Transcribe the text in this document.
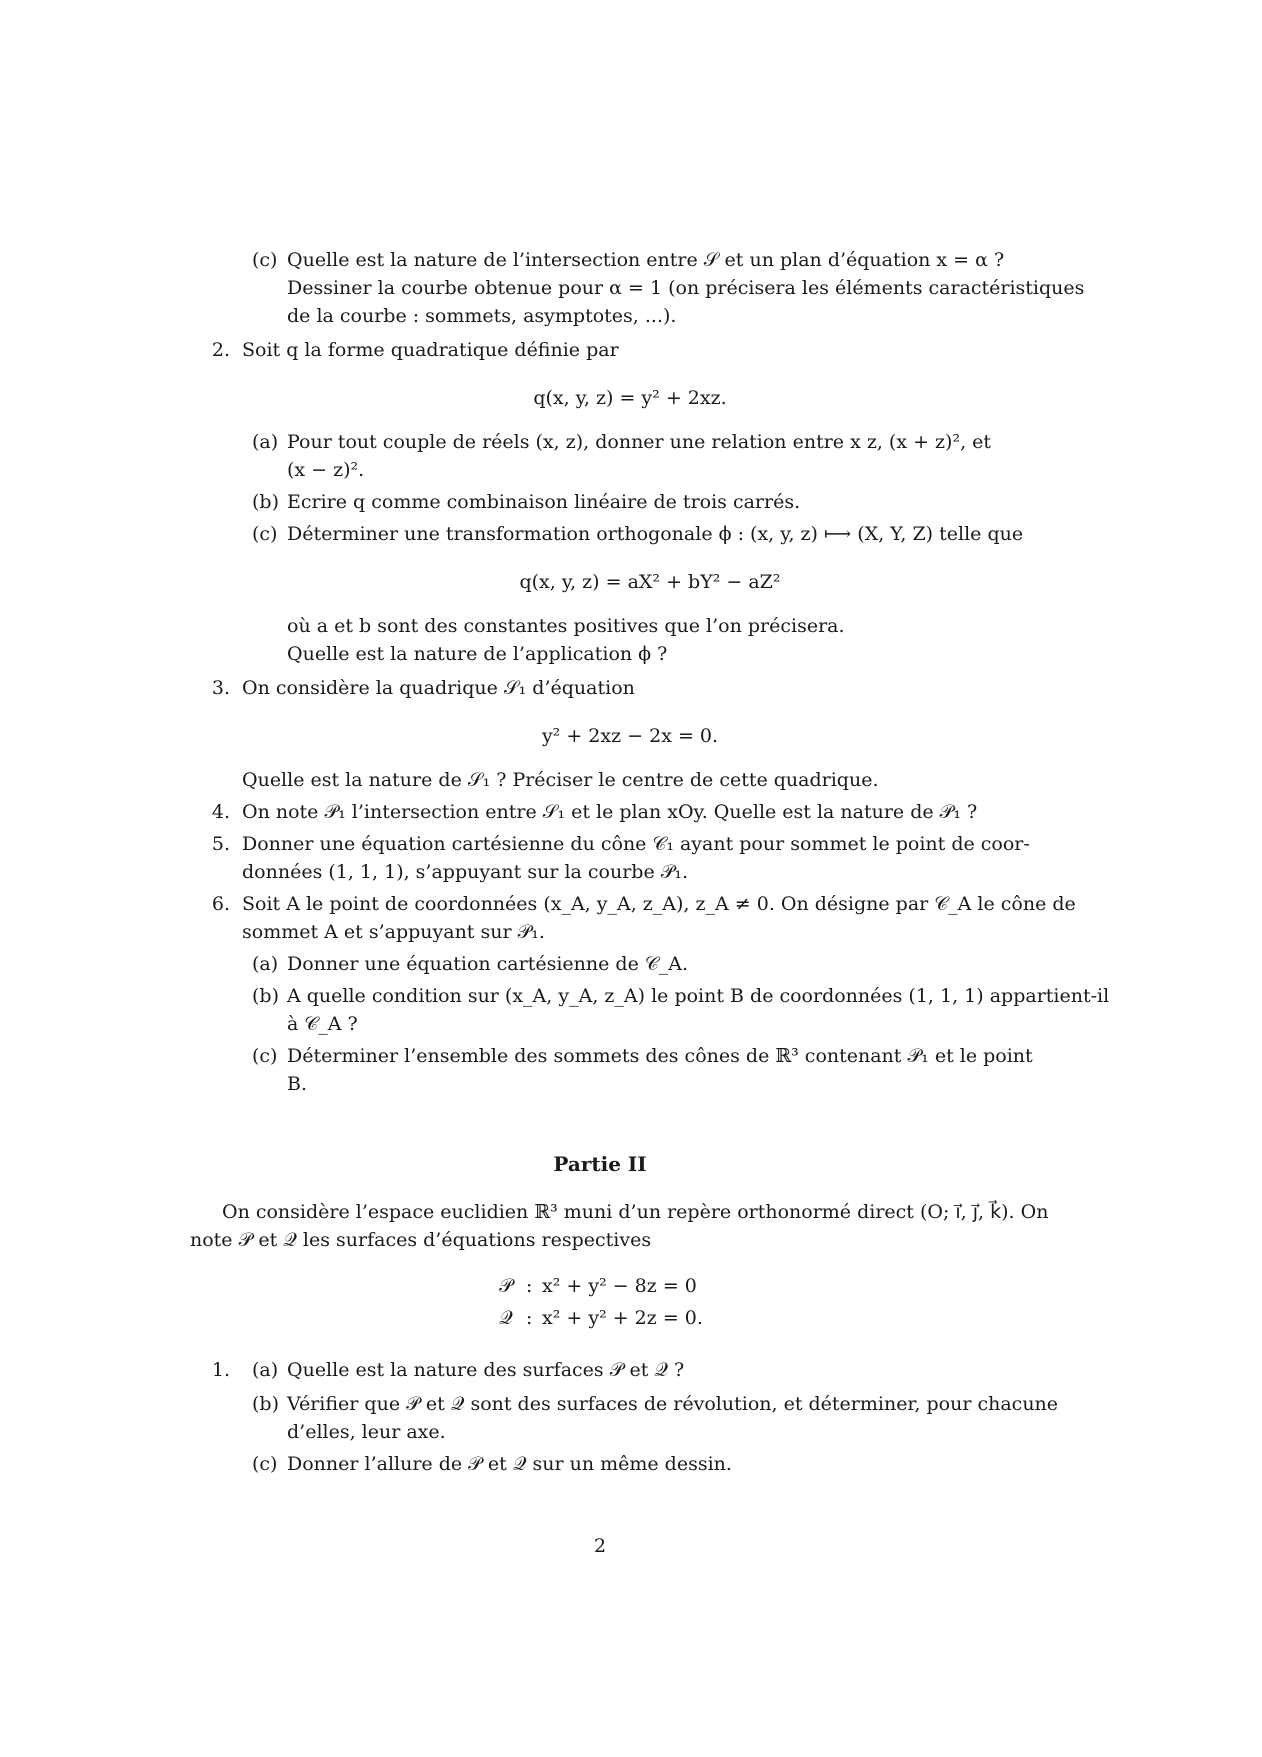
(c) Quelle est la nature de l’intersection entre 𝒮 et un plan d’équation x = α ?
Dessiner la courbe obtenue pour α = 1 (on précisera les éléments caractéristiques
de la courbe : sommets, asymptotes, ...).
2. Soit q la forme quadratique définie par
q(x, y, z) = y² + 2xz.
(a) Pour tout couple de réels (x, z), donner une relation entre x z, (x + z)², et
(x − z)².
(b) Ecrire q comme combinaison linéaire de trois carrés.
(c) Déterminer une transformation orthogonale ϕ : (x, y, z) ⟼ (X, Y, Z) telle que
q(x, y, z) = aX² + bY² − aZ²
où a et b sont des constantes positives que l’on précisera.
Quelle est la nature de l’application ϕ ?
3. On considère la quadrique 𝒮₁ d’équation
y² + 2xz − 2x = 0.
Quelle est la nature de 𝒮₁ ? Préciser le centre de cette quadrique.
4. On note 𝒫₁ l’intersection entre 𝒮₁ et le plan xOy. Quelle est la nature de 𝒫₁ ?
5. Donner une équation cartésienne du cône 𝒞₁ ayant pour sommet le point de coor-
données (1, 1, 1), s’appuyant sur la courbe 𝒫₁.
6. Soit A le point de coordonnées (x_A, y_A, z_A), z_A ≠ 0. On désigne par 𝒞_A le cône de
sommet A et s’appuyant sur 𝒫₁.
(a) Donner une équation cartésienne de 𝒞_A.
(b) A quelle condition sur (x_A, y_A, z_A) le point B de coordonnées (1, 1, 1) appartient-il
à 𝒞_A ?
(c) Déterminer l’ensemble des sommets des cônes de ℝ³ contenant 𝒫₁ et le point
B.
Partie II
On considère l’espace euclidien ℝ³ muni d’un repère orthonormé direct (O; i⃗, j⃗, k⃗). On
note 𝒫 et 𝒬 les surfaces d’équations respectives
𝒫 : x² + y² − 8z = 0
𝒬 : x² + y² + 2z = 0.
1. (a) Quelle est la nature des surfaces 𝒫 et 𝒬 ?
(b) Vérifier que 𝒫 et 𝒬 sont des surfaces de révolution, et déterminer, pour chacune
d’elles, leur axe.
(c) Donner l’allure de 𝒫 et 𝒬 sur un même dessin.
2
